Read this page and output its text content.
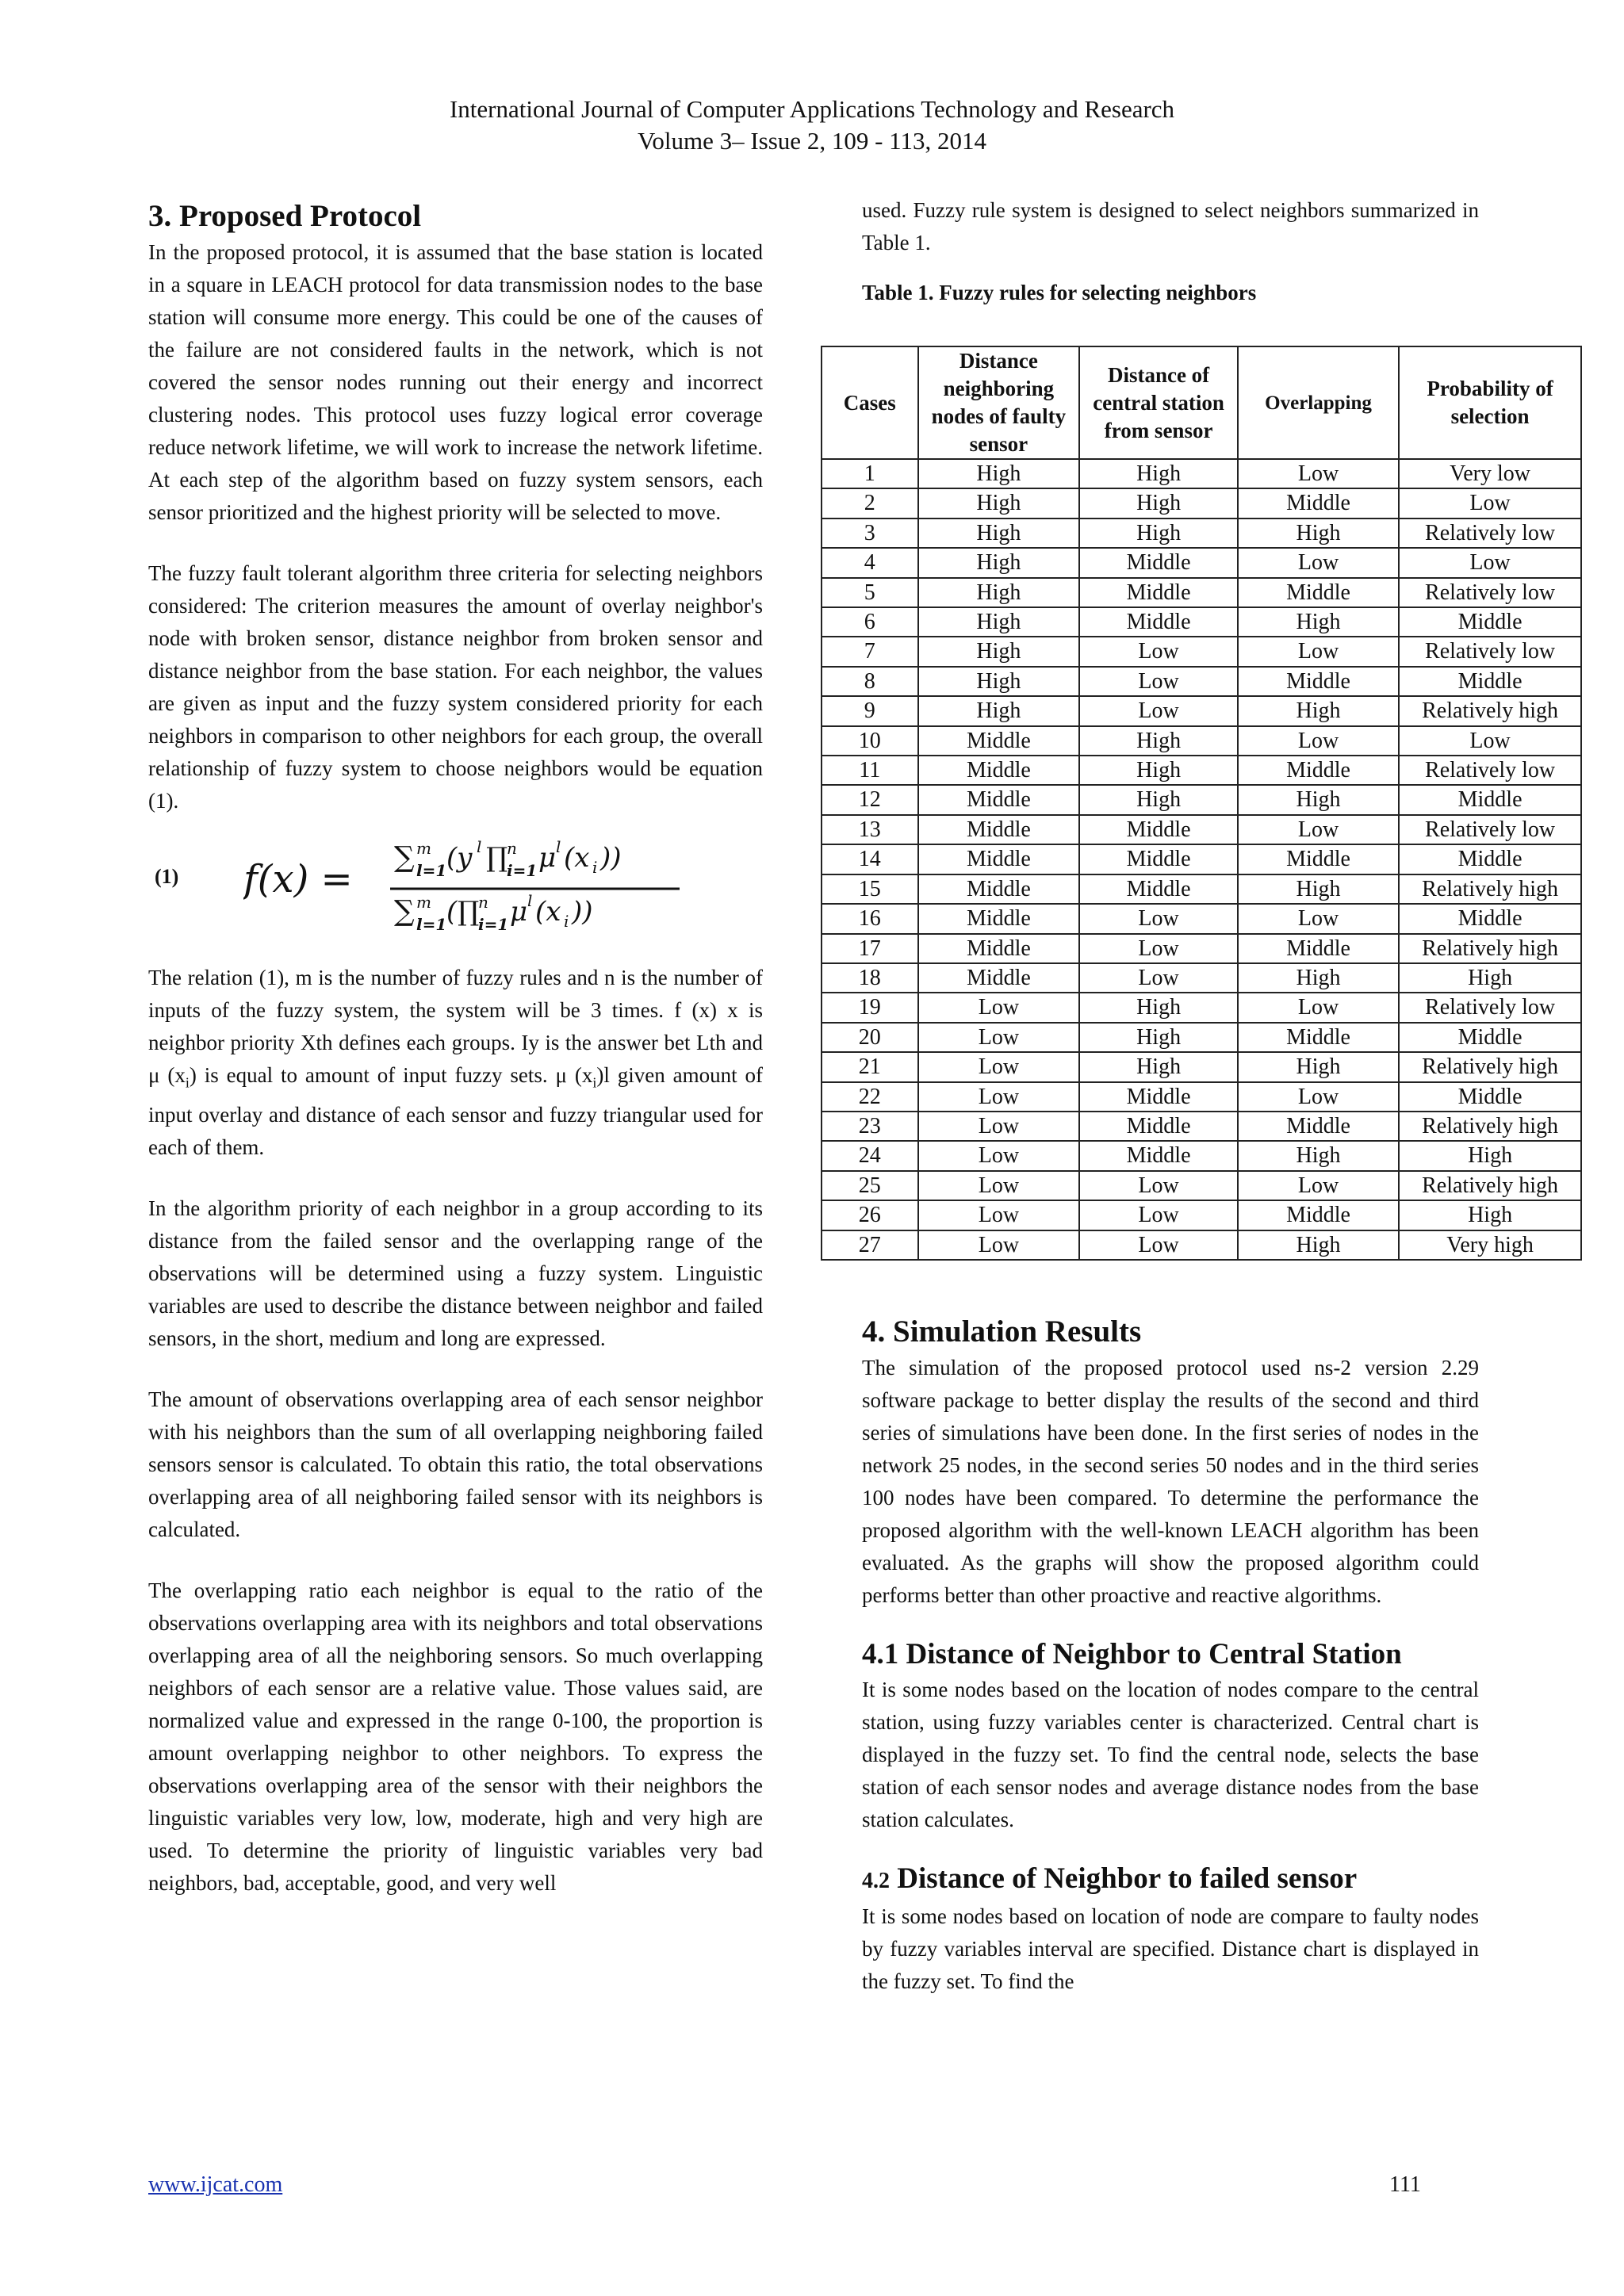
International Journal of Computer Applications Technology and Research
Volume 3– Issue 2, 109 - 113, 2014
3. Proposed Protocol

In the proposed protocol, it is assumed that the base station is located in a square in LEACH protocol for data transmission nodes to the base station will consume more energy. This could be one of the causes of the failure are not considered faults in the network, which is not covered the sensor nodes running out their energy and incorrect clustering nodes. This protocol uses fuzzy logical error coverage reduce network lifetime, we will work to increase the network lifetime. At each step of the algorithm based on fuzzy system sensors, each sensor prioritized and the highest priority will be selected to move.

The fuzzy fault tolerant algorithm three criteria for selecting neighbors considered: The criterion measures the amount of overlay neighbor's node with broken sensor, distance neighbor from broken sensor and distance neighbor from the base station. For each neighbor, the values are given as input and the fuzzy system considered priority for each neighbors in comparison to other neighbors for each group, the overall relationship of fuzzy system to choose neighbors would be equation (1).

(1) f(x) = ∑ m
l=1 (y l ∏
n
i=1 μ l (x i ))
∑ m
l=1 ( ∏
n
i=1 μ l (x i ))

The relation (1), m is the number of fuzzy rules and n is the number of inputs of the fuzzy system, the system will be 3 times. f (x) x is neighbor priority Xth defines each groups. Iy is the answer bet Lth and μ $(x_i)$ is equal to amount of input fuzzy sets. μ $(x_i)l$ given amount of input overlay and distance of each sensor and fuzzy triangular used for each of them.

In the algorithm priority of each neighbor in a group according to its distance from the failed sensor and the overlapping range of the observations will be determined using a fuzzy system. Linguistic variables are used to describe the distance between neighbor and failed sensors, in the short, medium and long are expressed.

The amount of observations overlapping area of each sensor neighbor with his neighbors than the sum of all overlapping neighboring failed sensors sensor is calculated. To obtain this ratio, the total observations overlapping area of all neighboring failed sensor with its neighbors is calculated.

The overlapping ratio each neighbor is equal to the ratio of the observations overlapping area with its neighbors and total observations overlapping area of all the neighboring sensors. So much overlapping neighbors of each sensor are a relative value. Those values said, are normalized value and expressed in the range 0-100, the proportion is amount overlapping neighbor to other neighbors. To express the observations overlapping area of the sensor with their neighbors the linguistic variables very low, low, moderate, high and very high are used. To determine the priority of linguistic variables very bad neighbors, bad, acceptable, good, and very well

used. Fuzzy rule system is designed to select neighbors summarized in Table 1.

Table 1. Fuzzy rules for selecting neighbors
Cases	Distance neighboring nodes of faulty sensor	Distance of central station from sensor	Overlapping	Probability of selection
1	High	High	Low	Very low
2	High	High	Middle	Low
3	High	High	High	Relatively low
4	High	Middle	Low	Low
5	High	Middle	Middle	Relatively low
6	High	Middle	High	Middle
7	High	Low	Low	Relatively low
8	High	Low	Middle	Middle
9	High	Low	High	Relatively high
10	Middle	High	Low	Low
11	Middle	High	Middle	Relatively low
12	Middle	High	High	Middle
13	Middle	Middle	Low	Relatively low
14	Middle	Middle	Middle	Middle
15	Middle	Middle	High	Relatively high
16	Middle	Low	Low	Middle
17	Middle	Low	Middle	Relatively high
18	Middle	Low	High	High
19	Low	High	Low	Relatively low
20	Low	High	Middle	Middle
21	Low	High	High	Relatively high
22	Low	Middle	Low	Middle
23	Low	Middle	Middle	Relatively high
24	Low	Middle	High	High
25	Low	Low	Low	Relatively high
26	Low	Low	Middle	High
27	Low	Low	High	Very high
4. Simulation Results

The simulation of the proposed protocol used ns-2 version 2.29 software package to better display the results of the second and third series of simulations have been done. In the first series of nodes in the network 25 nodes, in the second series 50 nodes and in the third series 100 nodes have been compared. To determine the performance the proposed algorithm with the well-known LEACH algorithm has been evaluated. As the graphs will show the proposed algorithm could performs better than other proactive and reactive algorithms.

4.1 Distance of Neighbor to Central Station

It is some nodes based on the location of nodes compare to the central station, using fuzzy variables center is characterized. Central chart is displayed in the fuzzy set. To find the central node, selects the base station of each sensor nodes and average distance nodes from the base station calculates.

4.2 Distance of Neighbor to failed sensor

It is some nodes based on location of node are compare to faulty nodes by fuzzy variables interval are specified. Distance chart is displayed in the fuzzy set. To find the

www.ijcat.com	111
